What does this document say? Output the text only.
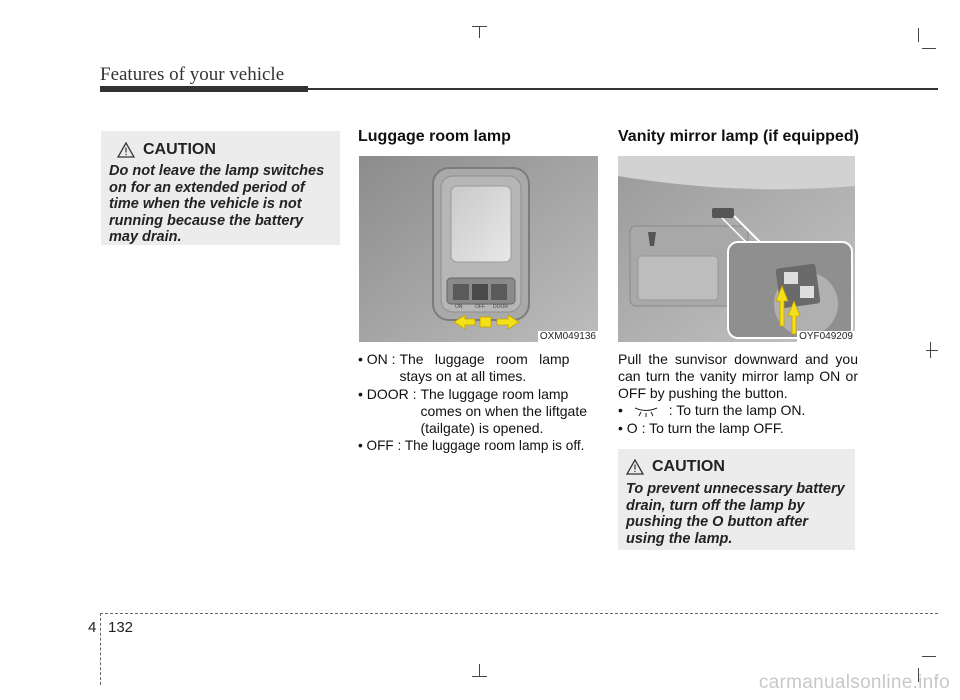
Features of your vehicle
CAUTION
Do not leave the lamp switches on for an extended period of time when the vehicle is not running because the battery may drain.
Luggage room lamp
ON	OFF DOOR
OXM049136
• ON : The luggage room lamp stays on at all times.
• DOOR : The luggage room lamp comes on when the liftgate (tailgate) is opened.
• OFF : The luggage room lamp is off.
Vanity mirror lamp (if equipped)
OYF049209
Pull the sunvisor downward and you can turn the vanity mirror lamp ON or OFF by pushing the button.
•	: To turn the lamp ON.
• O : To turn the lamp OFF.
CAUTION
To prevent unnecessary battery drain, turn off the lamp by pushing the O button after using the lamp.
4 132
carmanualsonline.info
